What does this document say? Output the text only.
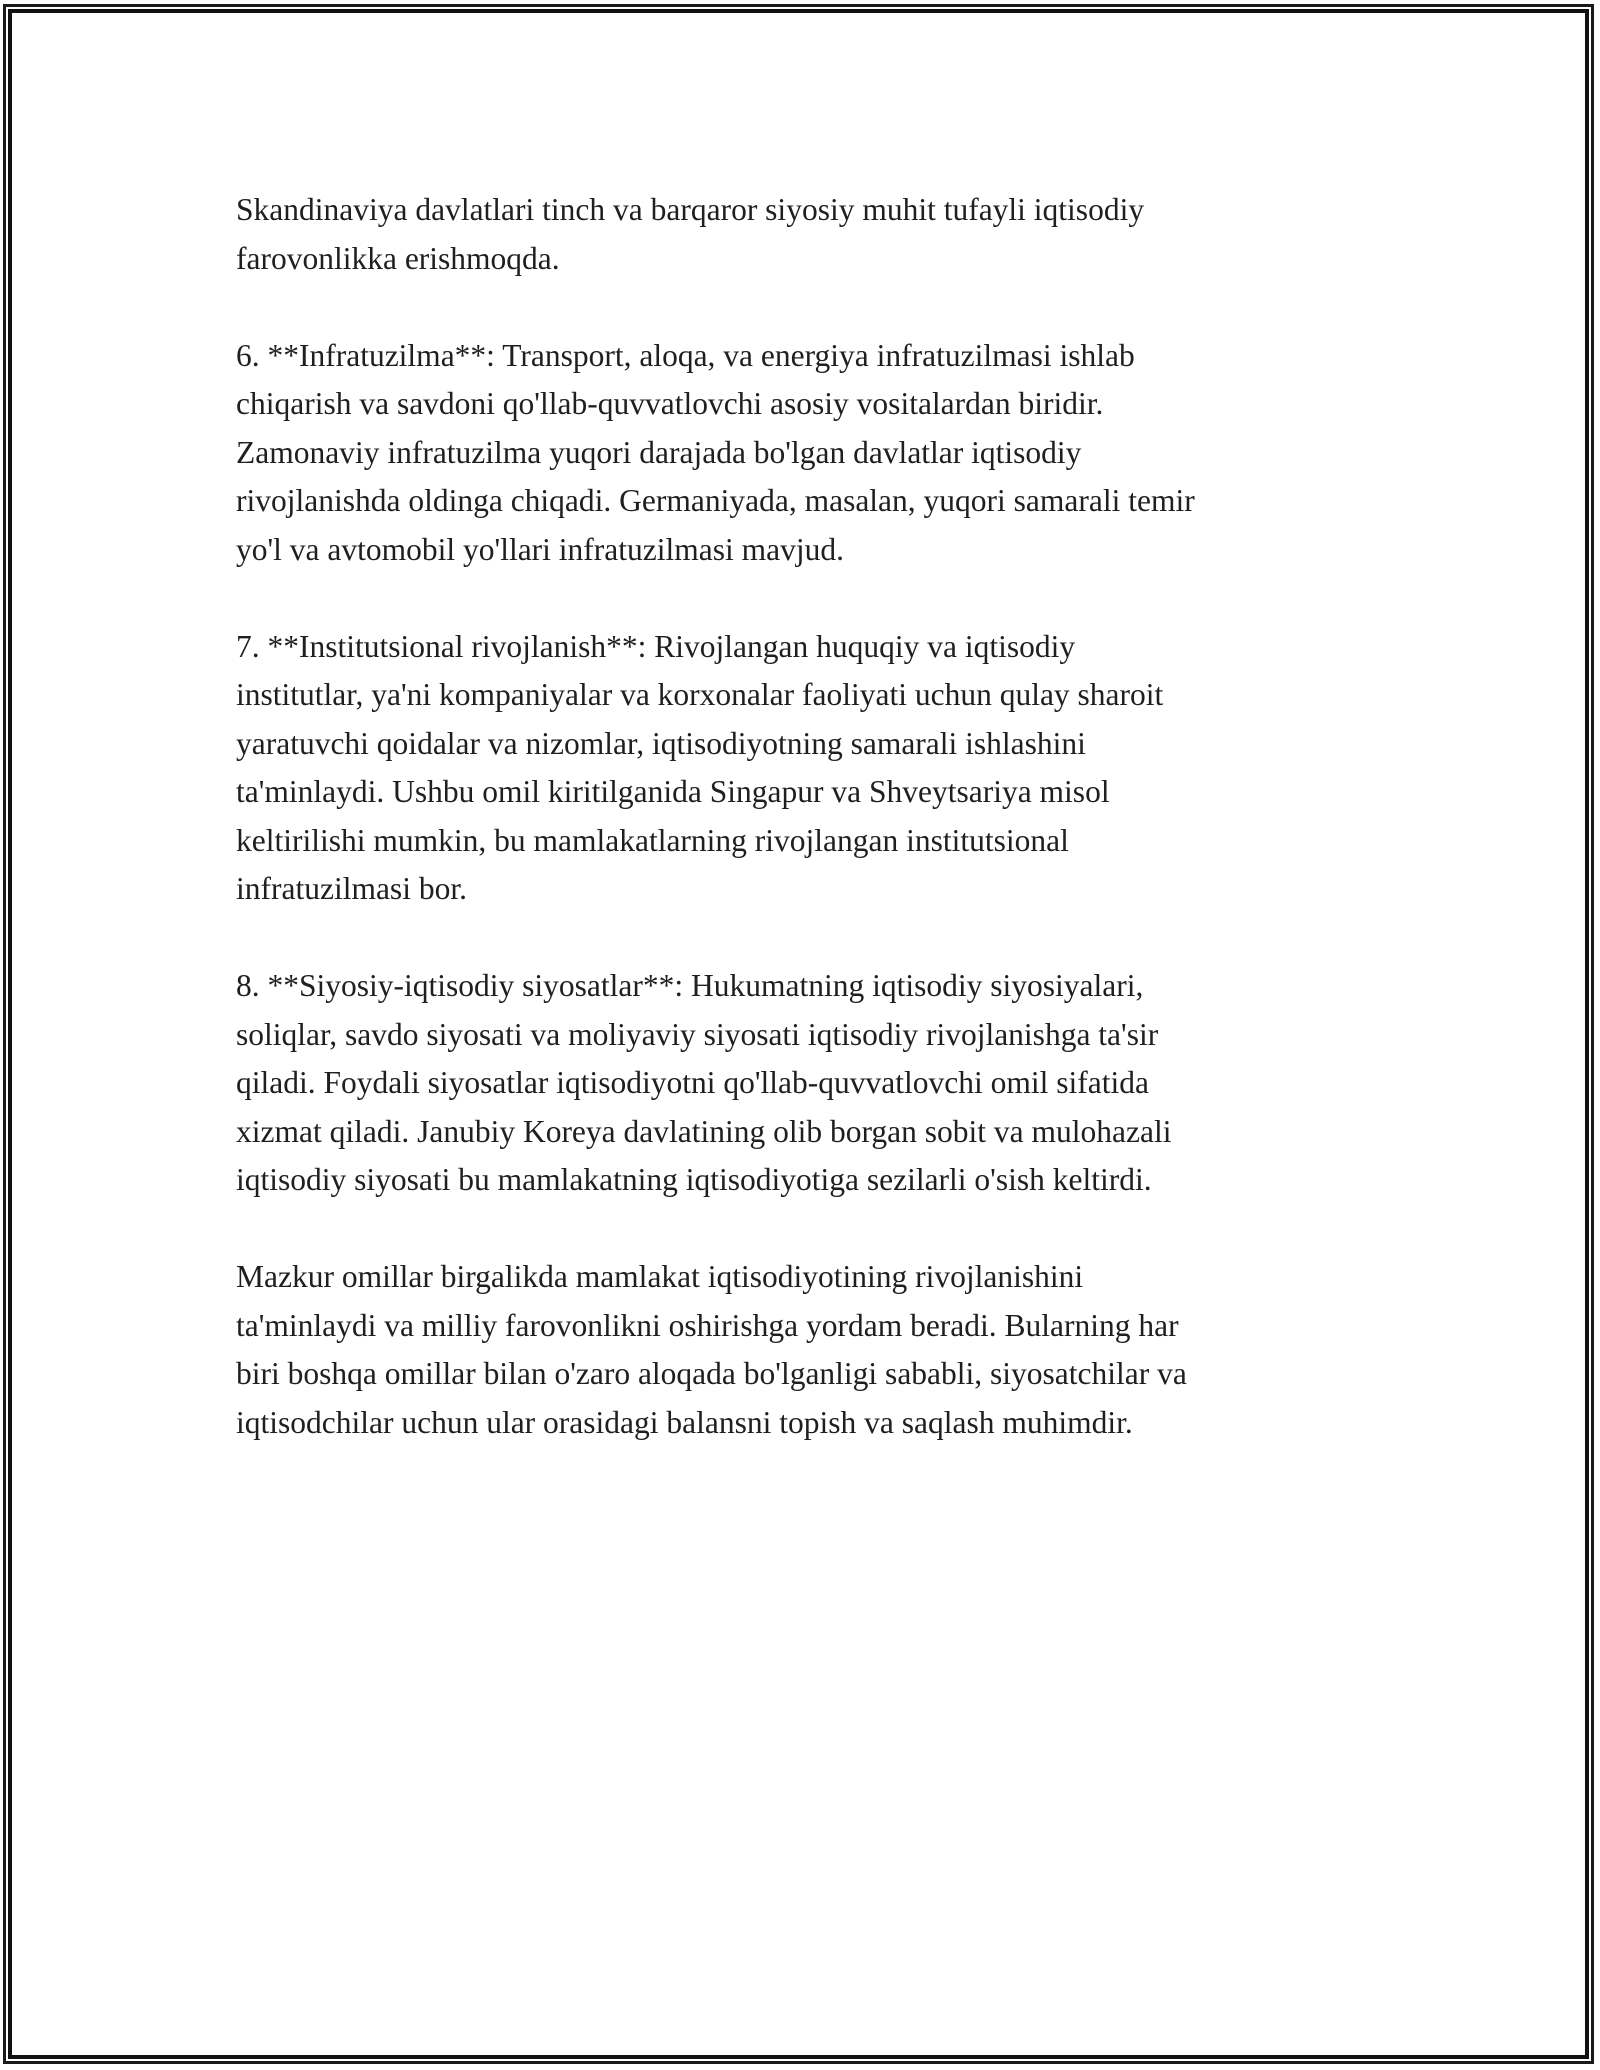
Skandinaviya davlatlari tinch va barqaror siyosiy muhit tufayli iqtisodiy
farovonlikka erishmoqda.

6. **Infratuzilma**: Transport, aloqa, va energiya infratuzilmasi ishlab
chiqarish va savdoni qo'llab-quvvatlovchi asosiy vositalardan biridir.
Zamonaviy infratuzilma yuqori darajada bo'lgan davlatlar iqtisodiy
rivojlanishda oldinga chiqadi. Germaniyada, masalan, yuqori samarali temir
yo'l va avtomobil yo'llari infratuzilmasi mavjud.

7. **Institutsional rivojlanish**: Rivojlangan huquqiy va iqtisodiy
institutlar, ya'ni kompaniyalar va korxonalar faoliyati uchun qulay sharoit
yaratuvchi qoidalar va nizomlar, iqtisodiyotning samarali ishlashini
ta'minlaydi. Ushbu omil kiritilganida Singapur va Shveytsariya misol
keltirilishi mumkin, bu mamlakatlarning rivojlangan institutsional
infratuzilmasi bor.

8. **Siyosiy-iqtisodiy siyosatlar**: Hukumatning iqtisodiy siyosiyalari,
soliqlar, savdo siyosati va moliyaviy siyosati iqtisodiy rivojlanishga ta'sir
qiladi. Foydali siyosatlar iqtisodiyotni qo'llab-quvvatlovchi omil sifatida
xizmat qiladi. Janubiy Koreya davlatining olib borgan sobit va mulohazali
iqtisodiy siyosati bu mamlakatning iqtisodiyotiga sezilarli o'sish keltirdi.

Mazkur omillar birgalikda mamlakat iqtisodiyotining rivojlanishini
ta'minlaydi va milliy farovonlikni oshirishga yordam beradi. Bularning har
biri boshqa omillar bilan o'zaro aloqada bo'lganligi sababli, siyosatchilar va
iqtisodchilar uchun ular orasidagi balansni topish va saqlash muhimdir.
